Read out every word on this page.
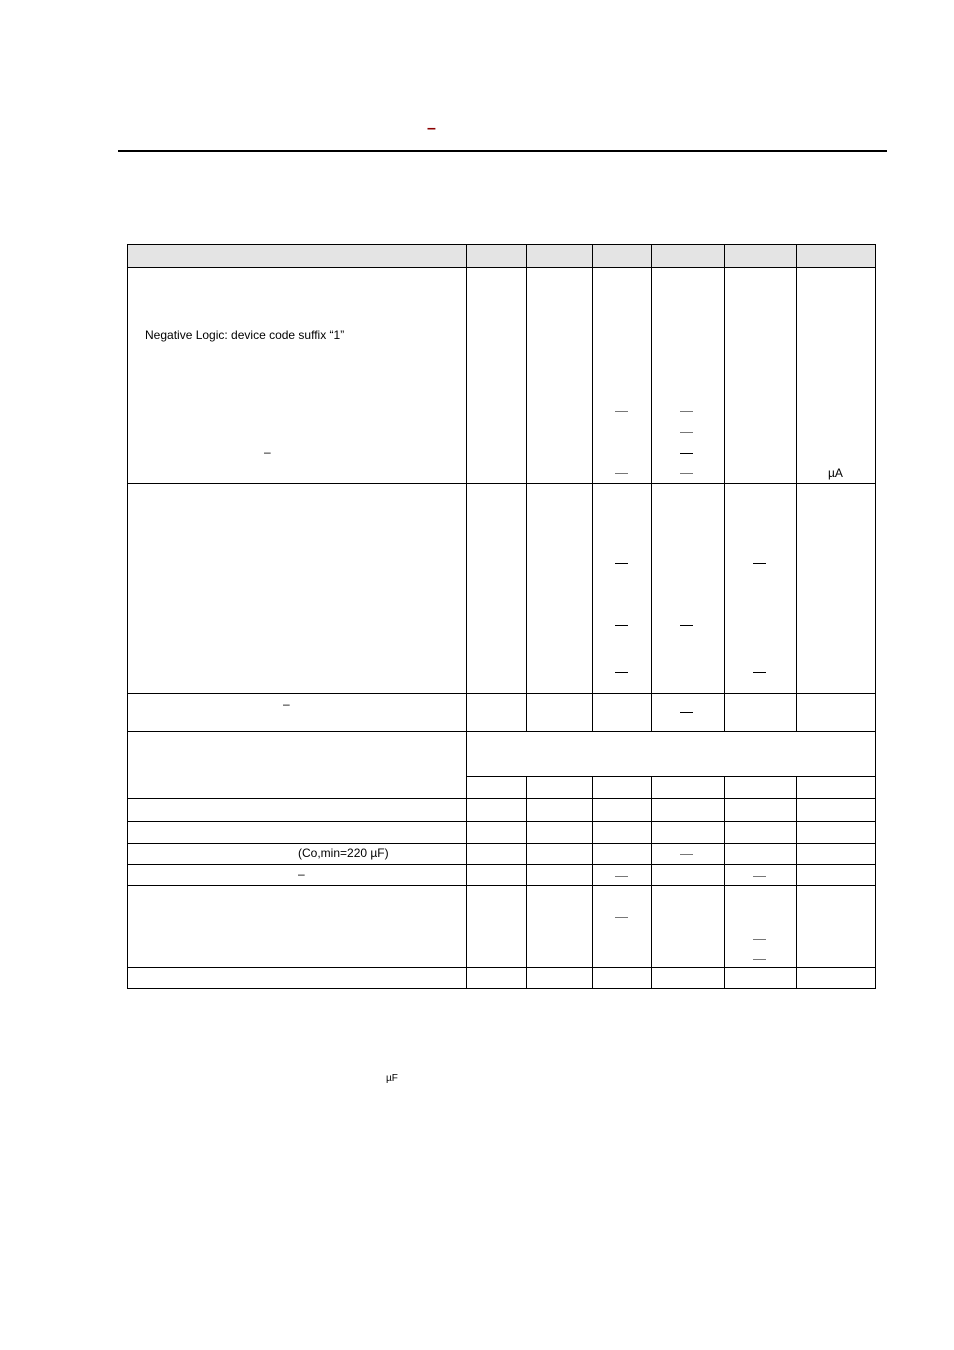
–
Negative Logic: device code suffix “1”
–
µA
–
(Co,min=220 µF)
–
µF
